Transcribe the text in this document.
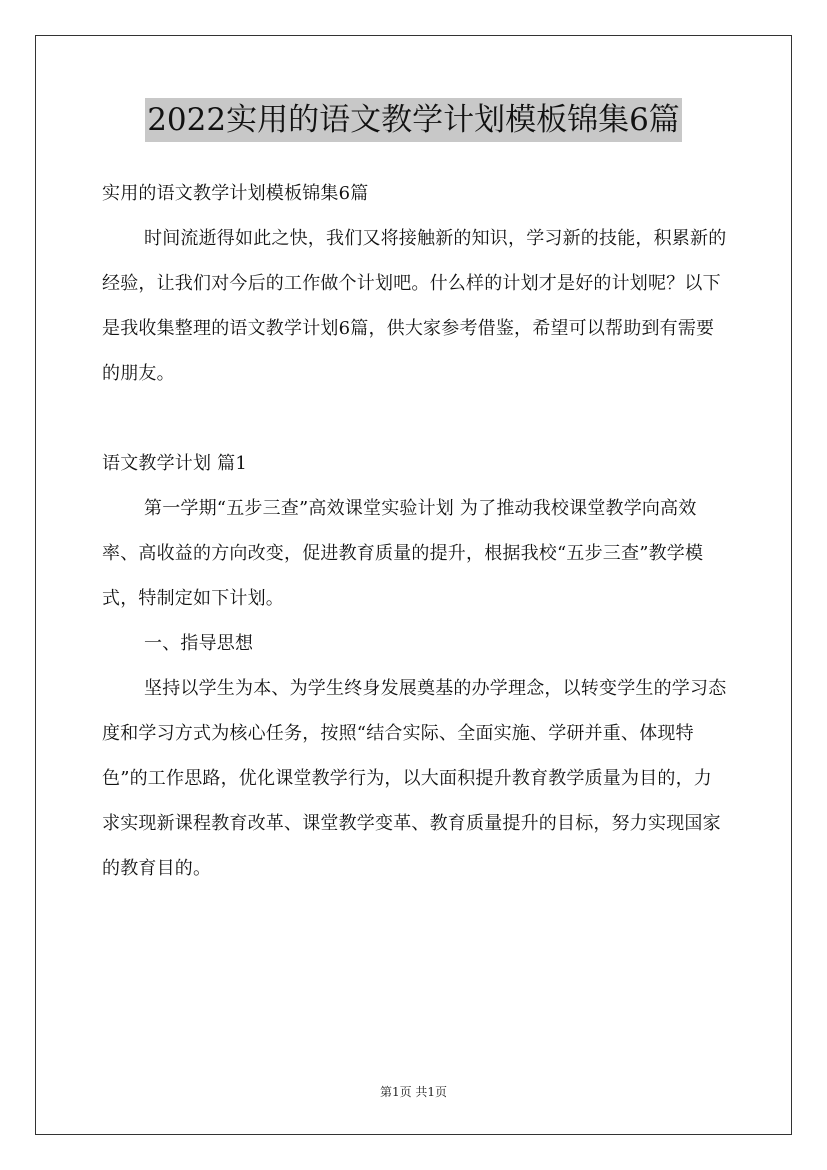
2022实用的语文教学计划模板锦集6篇

实用的语文教学计划模板锦集6篇

时间流逝得如此之快，我们又将接触新的知识，学习新的技能，积累新的经验，让我们对今后的工作做个计划吧。什么样的计划才是好的计划呢？以下是我收集整理的语文教学计划6篇，供大家参考借鉴，希望可以帮助到有需要的朋友。

语文教学计划 篇1

第一学期“五步三查”高效课堂实验计划 为了推动我校课堂教学向高效率、高收益的方向改变，促进教育质量的提升，根据我校“五步三查”教学模式，特制定如下计划。

一、指导思想

坚持以学生为本、为学生终身发展奠基的办学理念，以转变学生的学习态度和学习方式为核心任务，按照“结合实际、全面实施、学研并重、体现特色”的工作思路，优化课堂教学行为，以大面积提升教育教学质量为目的，力求实现新课程教育改革、课堂教学变革、教育质量提升的目标，努力实现国家的教育目的。

第1页 共1页
